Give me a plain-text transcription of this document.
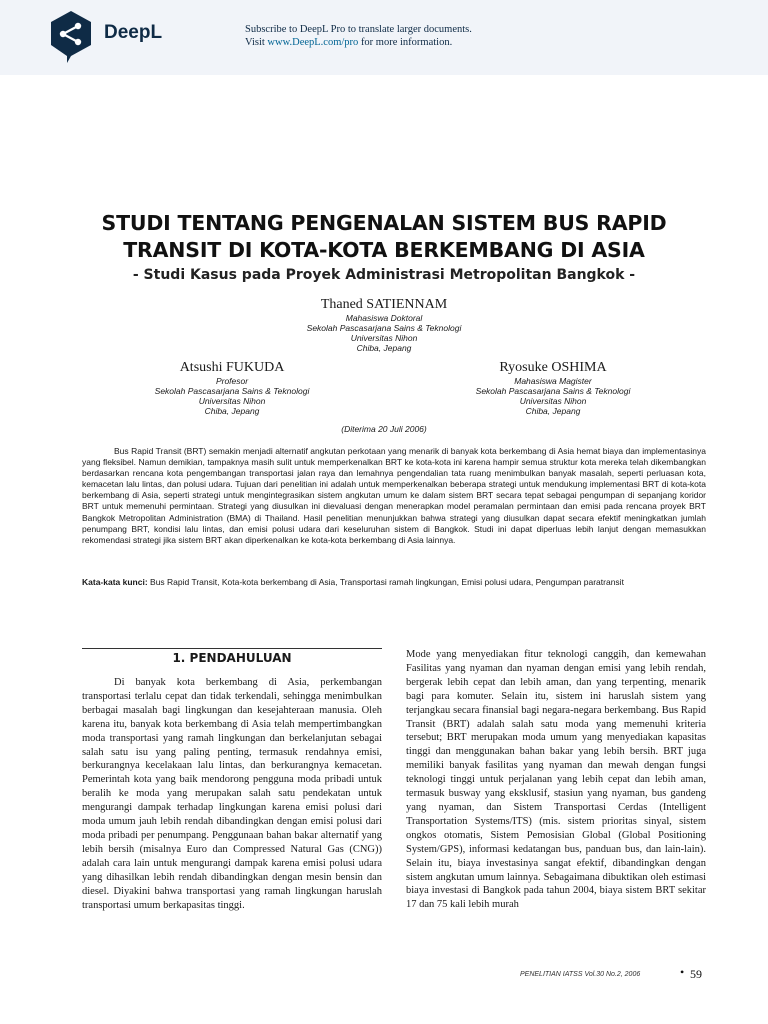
DeepL	Subscribe to DeepL Pro to translate larger documents.
Visit www.DeepL.com/pro for more information.
STUDI TENTANG PENGENALAN SISTEM BUS RAPID
TRANSIT DI KOTA-KOTA BERKEMBANG DI ASIA
- Studi Kasus pada Proyek Administrasi Metropolitan Bangkok -
Thaned SATIENNAM
Mahasiswa Doktoral
Sekolah Pascasarjana Sains & Teknologi
Universitas Nihon
Chiba, Jepang
Atsushi FUKUDA
Profesor
Sekolah Pascasarjana Sains & Teknologi
Universitas Nihon
Chiba, Jepang
Ryosuke OSHIMA
Mahasiswa Magister
Sekolah Pascasarjana Sains & Teknologi
Universitas Nihon
Chiba, Jepang
(Diterima 20 Juli 2006)

Bus Rapid Transit (BRT) semakin menjadi alternatif angkutan perkotaan yang menarik di banyak kota berkembang di Asia hemat biaya dan implementasinya yang fleksibel. Namun demikian, tampaknya masih sulit untuk memperkenalkan BRT ke kota-kota ini karena hampir semua struktur kota mereka telah dikembangkan berdasarkan rencana kota pengembangan transportasi jalan raya dan lemahnya pengendalian tata ruang menimbulkan banyak masalah, seperti perluasan kota, kemacetan lalu lintas, dan polusi udara. Tujuan dari penelitian ini adalah untuk memperkenalkan beberapa strategi untuk mendukung implementasi BRT di kota-kota berkembang di Asia, seperti strategi untuk mengintegrasikan sistem angkutan umum ke dalam sistem BRT secara tepat sebagai pengumpan di sepanjang koridor BRT untuk memenuhi permintaan. Strategi yang diusulkan ini dievaluasi dengan menerapkan model peramalan permintaan dan emisi pada rencana proyek BRT Bangkok Metropolitan Administration (BMA) di Thailand. Hasil penelitian menunjukkan bahwa strategi yang diusulkan dapat secara efektif meningkatkan jumlah penumpang BRT, kondisi lalu lintas, dan emisi polusi udara dari keseluruhan sistem di Bangkok. Studi ini dapat diperluas lebih lanjut dengan memasukkan rekomendasi strategi jika sistem BRT akan diperkenalkan ke kota-kota berkembang di Asia lainnya.

Kata-kata kunci: Bus Rapid Transit, Kota-kota berkembang di Asia, Transportasi ramah lingkungan, Emisi polusi udara, Pengumpan paratransit
1. PENDAHULUAN

Di banyak kota berkembang di Asia, perkembangan transportasi terlalu cepat dan tidak terkendali, sehingga menimbulkan berbagai masalah bagi lingkungan dan kesejahteraan manusia. Oleh karena itu, banyak kota berkembang di Asia telah mempertimbangkan moda transportasi yang ramah lingkungan dan berkelanjutan sebagai salah satu isu yang paling penting, termasuk rendahnya emisi, berkurangnya kecelakaan lalu lintas, dan berkurangnya kemacetan. Pemerintah kota yang baik mendorong pengguna moda pribadi untuk beralih ke moda yang merupakan salah satu pendekatan untuk mengurangi dampak terhadap lingkungan karena emisi polusi dari moda umum jauh lebih rendah dibandingkan dengan emisi polusi dari moda pribadi per penumpang. Penggunaan bahan bakar alternatif yang lebih bersih (misalnya Euro dan Compressed Natural Gas (CNG)) adalah cara lain untuk mengurangi dampak karena emisi polusi udara yang dihasilkan lebih rendah dibandingkan dengan mesin bensin dan diesel. Diyakini bahwa transportasi yang ramah lingkungan haruslah transportasi umum berkapasitas tinggi.

Mode yang menyediakan fitur teknologi canggih, dan kemewahan Fasilitas yang nyaman dan nyaman dengan emisi yang lebih rendah, bergerak lebih cepat dan lebih aman, dan yang terpenting, menarik bagi para komuter. Selain itu, sistem ini haruslah sistem yang terjangkau secara finansial bagi negara-negara berkembang. Bus Rapid Transit (BRT) adalah salah satu moda yang memenuhi kriteria tersebut; BRT merupakan moda umum yang menyediakan kapasitas tinggi dan menggunakan bahan bakar yang lebih bersih. BRT juga memiliki banyak fasilitas yang nyaman dan mewah dengan fungsi teknologi tinggi untuk perjalanan yang lebih cepat dan lebih aman, termasuk busway yang eksklusif, stasiun yang nyaman, bus gandeng yang nyaman, dan Sistem Transportasi Cerdas (Intelligent Transportation Systems/ITS) (mis. sistem prioritas sinyal, sistem ongkos otomatis, Sistem Pemosisian Global (Global Positioning System/GPS), informasi kedatangan bus, panduan bus, dan lain-lain). Selain itu, biaya investasinya sangat efektif, dibandingkan dengan sistem angkutan umum lainnya. Sebagaimana dibuktikan oleh estimasi biaya investasi di Bangkok pada tahun 2004, biaya sistem BRT sekitar 17 dan 75 kali lebih murah

PENELITIAN IATSS Vol.30 No.2, 2006	• 59
